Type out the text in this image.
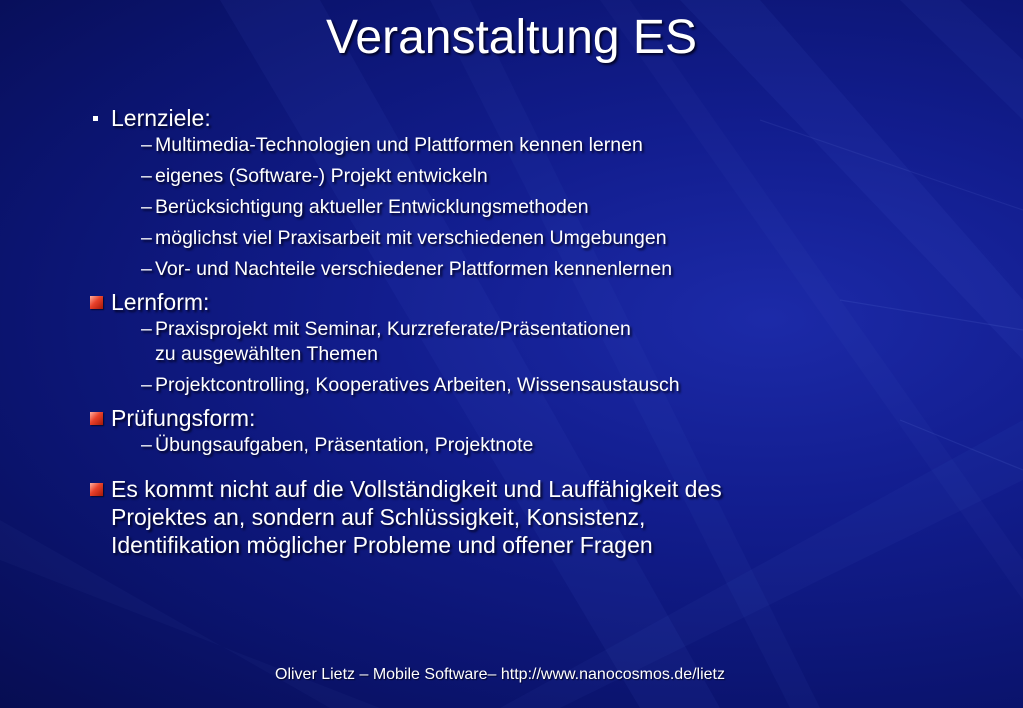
Veranstaltung ES
Lernziele:
– Multimedia-Technologien und Plattformen kennen lernen
– eigenes (Software-) Projekt entwickeln
– Berücksichtigung aktueller Entwicklungsmethoden
– möglichst viel Praxisarbeit mit verschiedenen Umgebungen
– Vor- und Nachteile verschiedener Plattformen kennenlernen
Lernform:
– Praxisprojekt mit Seminar, Kurzreferate/Präsentationen
zu ausgewählten Themen
– Projektcontrolling, Kooperatives Arbeiten, Wissensaustausch
Prüfungsform:
– Übungsaufgaben, Präsentation, Projektnote
Es kommt nicht auf die Vollständigkeit und Lauffähigkeit des
Projektes an, sondern auf Schlüssigkeit, Konsistenz,
Identifikation möglicher Probleme und offener Fragen
Oliver Lietz – Mobile Software– http://www.nanocosmos.de/lietz
